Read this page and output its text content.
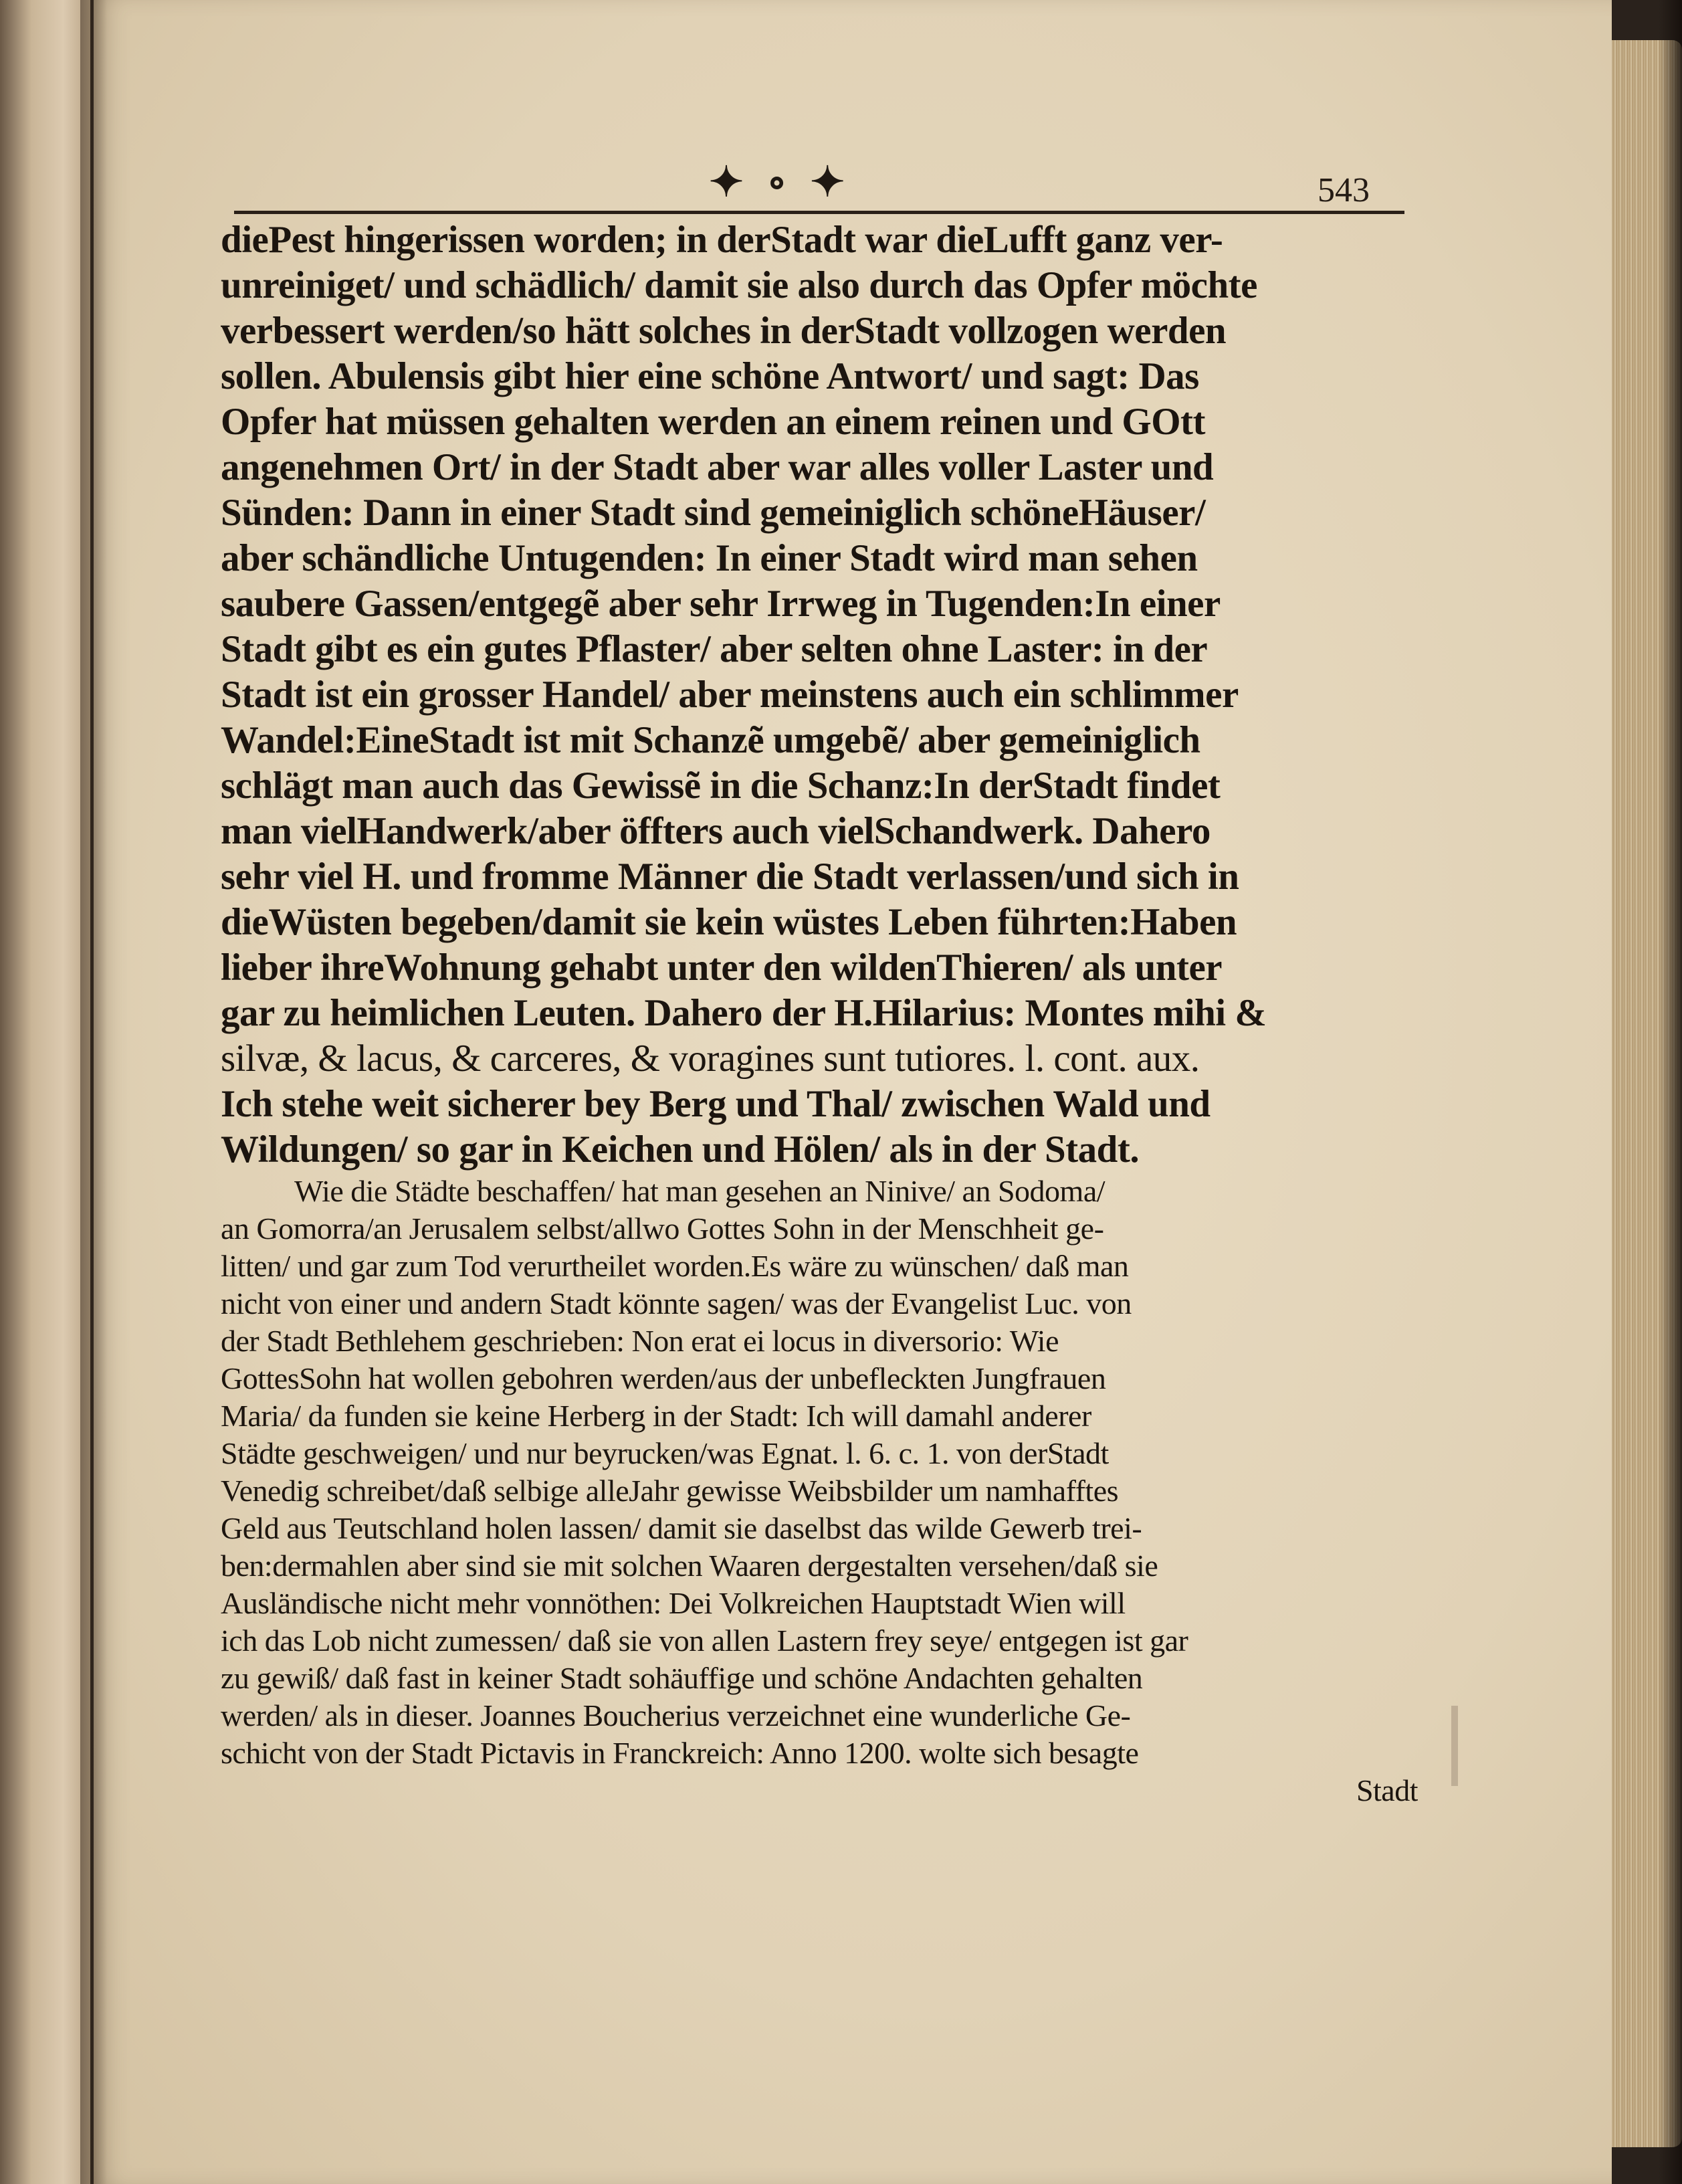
✦ ∘ ✦	543
diePest hingerissen worden; in derStadt war dieLufft ganz ver-
unreiniget/ und schädlich/ damit sie also durch das Opfer möchte
verbessert werden/so hätt solches in derStadt vollzogen werden
sollen. Abulensis gibt hier eine schöne Antwort/ und sagt: Das
Opfer hat müssen gehalten werden an einem reinen und GOtt
angenehmen Ort/ in der Stadt aber war alles voller Laster und
Sünden: Dann in einer Stadt sind gemeiniglich schöneHäuser/
aber schändliche Untugenden: In einer Stadt wird man sehen
saubere Gassen/entgegẽ aber sehr Irrweg in Tugenden:In einer
Stadt gibt es ein gutes Pflaster/ aber selten ohne Laster: in der
Stadt ist ein grosser Handel/ aber meinstens auch ein schlimmer
Wandel:EineStadt ist mit Schanzẽ umgebẽ/ aber gemeiniglich
schlägt man auch das Gewissẽ in die Schanz:In derStadt findet
man vielHandwerk/aber öffters auch vielSchandwerk. Dahero
sehr viel H. und fromme Männer die Stadt verlassen/und sich in
dieWüsten begeben/damit sie kein wüstes Leben führten:Haben
lieber ihreWohnung gehabt unter den wildenThieren/ als unter
gar zu heimlichen Leuten. Dahero der H.Hilarius: Montes mihi &
silvæ, & lacus, & carceres, & voragines sunt tutiores. l. cont. aux.
Ich stehe weit sicherer bey Berg und Thal/ zwischen Wald und
Wildungen/ so gar in Keichen und Hölen/ als in der Stadt.
Wie die Städte beschaffen/ hat man gesehen an Ninive/ an Sodoma/
an Gomorra/an Jerusalem selbst/allwo Gottes Sohn in der Menschheit ge-
litten/ und gar zum Tod verurtheilet worden.Es wäre zu wünschen/ daß man
nicht von einer und andern Stadt könnte sagen/ was der Evangelist Luc. von
der Stadt Bethlehem geschrieben: Non erat ei locus in diversorio: Wie
GottesSohn hat wollen gebohren werden/aus der unbefleckten Jungfrauen
Maria/ da funden sie keine Herberg in der Stadt: Ich will damahl anderer
Städte geschweigen/ und nur beyrucken/was Egnat. l. 6. c. 1. von derStadt
Venedig schreibet/daß selbige alleJahr gewisse Weibsbilder um namhafftes
Geld aus Teutschland holen lassen/ damit sie daselbst das wilde Gewerb trei-
ben:dermahlen aber sind sie mit solchen Waaren dergestalten versehen/daß sie
Ausländische nicht mehr vonnöthen: Dei Volkreichen Hauptstadt Wien will
ich das Lob nicht zumessen/ daß sie von allen Lastern frey seye/ entgegen ist gar
zu gewiß/ daß fast in keiner Stadt sohäuffige und schöne Andachten gehalten
werden/ als in dieser. Joannes Boucherius verzeichnet eine wunderliche Ge-
schicht von der Stadt Pictavis in Franckreich: Anno 1200. wolte sich besagte
Stadt
